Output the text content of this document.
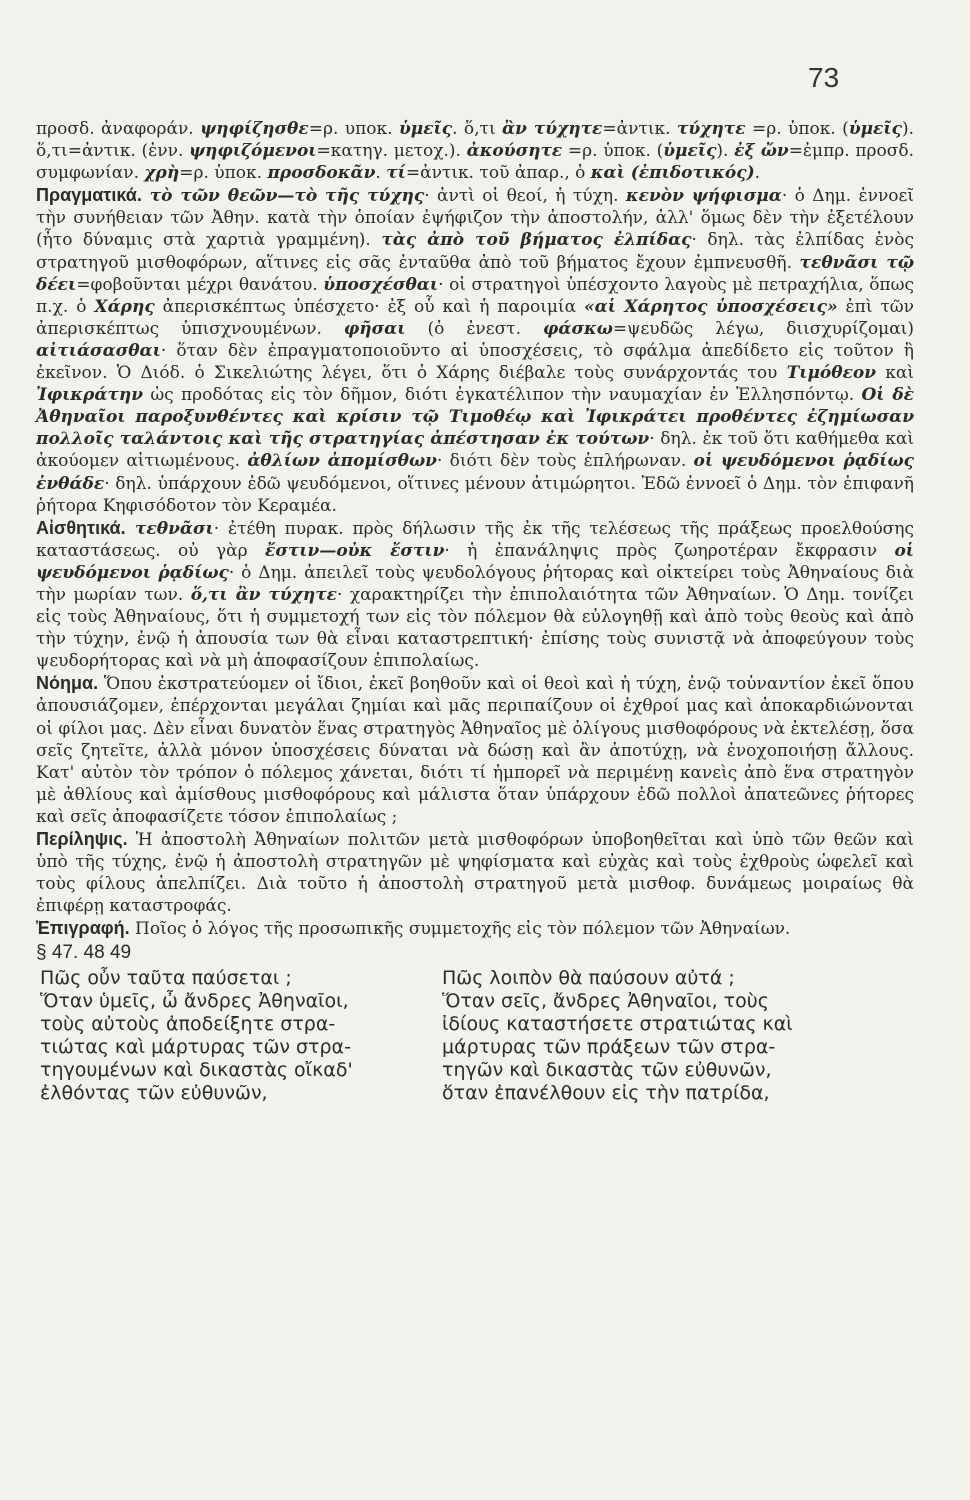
73

προσδ. ἀναφοράν. ψηφίζησθε=ρ. υποκ. ὑμεῖς. ὅ,τι ἂν τύχητε=ἀντικ. τύχητε =ρ. ὑποκ. (ὑμεῖς). ὅ,τι=ἀντικ. (ἐνν. ψηφιζόμενοι=κατηγ. μετοχ.). ἀκούσητε =ρ. ὑποκ. (ὑμεῖς). ἐξ ὤν=ἐμπρ. προσδ. συμφωνίαν. χρὴ=ρ. ὑποκ. προσδοκᾶν. τί=ἀντικ. τοῦ ἀπαρ., ὁ καὶ (ἐπιδοτικός).

Πραγματικά. τὸ τῶν θεῶν—τὸ τῆς τύχης· ἀντὶ οἱ θεοί, ἡ τύχη. κενὸν ψήφισμα· ὁ Δημ. ἐννοεῖ τὴν συνήθειαν τῶν Ἀθην. κατὰ τὴν ὁποίαν ἐψήφιζον τὴν ἀποστολήν, ἀλλ' ὅμως δὲν τὴν ἐξετέλουν (ἦτο δύναμις στὰ χαρτιὰ γραμμένη). τὰς ἀπὸ τοῦ βήματος ἐλπίδας· δηλ. τὰς ἐλπίδας ἑνὸς στρατηγοῦ μισθοφόρων, αἵτινες εἰς σᾶς ἐνταῦθα ἀπὸ τοῦ βήματος ἔχουν ἐμπνευσθῆ. τεθνᾶσι τῷ δέει=φοβοῦνται μέχρι θανάτου. ὑποσχέσθαι· οἱ στρατηγοὶ ὑπέσχοντο λαγοὺς μὲ πετραχήλια, ὅπως π.χ. ὁ Χάρης ἀπερισκέπτως ὑπέσχετο· ἐξ οὗ καὶ ἡ παροιμία «αἱ Χάρητος ὑποσχέσεις» ἐπὶ τῶν ἀπερισκέπτως ὑπισχνουμένων. φῆσαι (ὁ ἐνεστ. φάσκω=ψευδῶς λέγω, διισχυρίζομαι) αἰτιάσασθαι· ὅταν δὲν ἐπραγματοποιοῦντο αἱ ὑποσχέσεις, τὸ σφάλμα ἀπεδίδετο εἰς τοῦτον ἢ ἐκεῖνον. Ὁ Διόδ. ὁ Σικελιώτης λέγει, ὅτι ὁ Χάρης διέβαλε τοὺς συνάρχοντάς του Τιμόθεον καὶ Ἰφικράτην ὡς προδότας εἰς τὸν δῆμον, διότι ἐγκατέλιπον τὴν ναυμαχίαν ἐν Ἑλλησπόντῳ. Οἱ δὲ Ἀθηναῖοι παροξυνθέντες καὶ κρίσιν τῷ Τιμοθέῳ καὶ Ἰφικράτει προθέντες ἐζημίωσαν πολλοῖς ταλάντοις καὶ τῆς στρατηγίας ἀπέστησαν ἐκ τούτων· δηλ. ἐκ τοῦ ὅτι καθήμεθα καὶ ἀκούομεν αἰτιωμένους. ἀθλίων ἀπομίσθων· διότι δὲν τοὺς ἐπλήρωναν. οἱ ψευδόμενοι ῥᾳδίως ἐνθάδε· δηλ. ὑπάρχουν ἐδῶ ψευδόμενοι, οἵτινες μένουν ἀτιμώρητοι. Ἐδῶ ἐννοεῖ ὁ Δημ. τὸν ἐπιφανῆ ῥήτορα Κηφισόδοτον τὸν Κεραμέα.

Αἰσθητικά. τεθνᾶσι· ἐτέθη πυρακ. πρὸς δήλωσιν τῆς ἐκ τῆς τελέσεως τῆς πράξεως προελθούσης καταστάσεως. οὐ γὰρ ἔστιν—οὐκ ἔστιν· ἡ ἐπανάληψις πρὸς ζωηροτέραν ἔκφρασιν οἱ ψευδόμενοι ῥᾳδίως· ὁ Δημ. ἀπειλεῖ τοὺς ψευδολόγους ῥήτορας καὶ οἰκτείρει τοὺς Ἀθηναίους διὰ τὴν μωρίαν των. ὅ,τι ἂν τύχητε· χαρακτηρίζει τὴν ἐπιπολαιότητα τῶν Ἀθηναίων. Ὁ Δημ. τονίζει εἰς τοὺς Ἀθηναίους, ὅτι ἡ συμμετοχή των εἰς τὸν πόλεμον θὰ εὐλογηθῇ καὶ ἀπὸ τοὺς θεοὺς καὶ ἀπὸ τὴν τύχην, ἐνῷ ἡ ἀπουσία των θὰ εἶναι καταστρεπτική· ἐπίσης τοὺς συνιστᾷ νὰ ἀποφεύγουν τοὺς ψευδορήτορας καὶ νὰ μὴ ἀποφασίζουν ἐπιπολαίως.

Νόημα. Ὅπου ἐκστρατεύομεν οἱ ἴδιοι, ἐκεῖ βοηθοῦν καὶ οἱ θεοὶ καὶ ἡ τύχη, ἐνῷ τοὐναντίον ἐκεῖ ὅπου ἀπουσιάζομεν, ἐπέρχονται μεγάλαι ζημίαι καὶ μᾶς περιπαίζουν οἱ ἐχθροί μας καὶ ἀποκαρδιώνονται οἱ φίλοι μας. Δὲν εἶναι δυνατὸν ἕνας στρατηγὸς Ἀθηναῖος μὲ ὀλίγους μισθοφόρους νὰ ἐκτελέσῃ, ὅσα σεῖς ζητεῖτε, ἀλλὰ μόνον ὑποσχέσεις δύναται νὰ δώσῃ καὶ ἂν ἀποτύχῃ, νὰ ἐνοχοποιήσῃ ἄλλους. Κατ' αὐτὸν τὸν τρόπον ὁ πόλεμος χάνεται, διότι τί ἠμπορεῖ νὰ περιμένῃ κανεὶς ἀπὸ ἕνα στρατηγὸν μὲ ἀθλίους καὶ ἀμίσθους μισθοφόρους καὶ μάλιστα ὅταν ὑπάρχουν ἐδῶ πολλοὶ ἀπατεῶνες ῥήτορες καὶ σεῖς ἀποφασίζετε τόσον ἐπιπολαίως ;

Περίληψις. Ἡ ἀποστολὴ Ἀθηναίων πολιτῶν μετὰ μισθοφόρων ὑποβοηθεῖται καὶ ὑπὸ τῶν θεῶν καὶ ὑπὸ τῆς τύχης, ἐνῷ ἡ ἀποστολὴ στρατηγῶν μὲ ψηφίσματα καὶ εὐχὰς καὶ τοὺς ἐχθροὺς ὠφελεῖ καὶ τοὺς φίλους ἀπελπίζει. Διὰ τοῦτο ἡ ἀποστολὴ στρατηγοῦ μετὰ μισθοφ. δυνάμεως μοιραίως θὰ ἐπιφέρῃ καταστροφάς.

Ἐπιγραφή. Ποῖος ὁ λόγος τῆς προσωπικῆς συμμετοχῆς εἰς τὸν πόλεμον τῶν Ἀθηναίων.

§ 47. 48 49

Πῶς οὖν ταῦτα παύσεται ;

Ὅταν ὑμεῖς, ὦ ἄνδρες Ἀθηναῖοι,

τοὺς αὐτοὺς ἀποδείξητε στρα-

τιώτας καὶ μάρτυρας τῶν στρα-

τηγουμένων καὶ δικαστὰς οἴκαδ'

ἐλθόντας τῶν εὐθυνῶν,

Πῶς λοιπὸν θὰ παύσουν αὐτά ;

Ὅταν σεῖς, ἄνδρες Ἀθηναῖοι, τοὺς

ἰδίους καταστήσετε στρατιώτας καὶ

μάρτυρας τῶν πράξεων τῶν στρα-

τηγῶν καὶ δικαστὰς τῶν εὐθυνῶν,

ὅταν ἐπανέλθουν εἰς τὴν πατρίδα,
